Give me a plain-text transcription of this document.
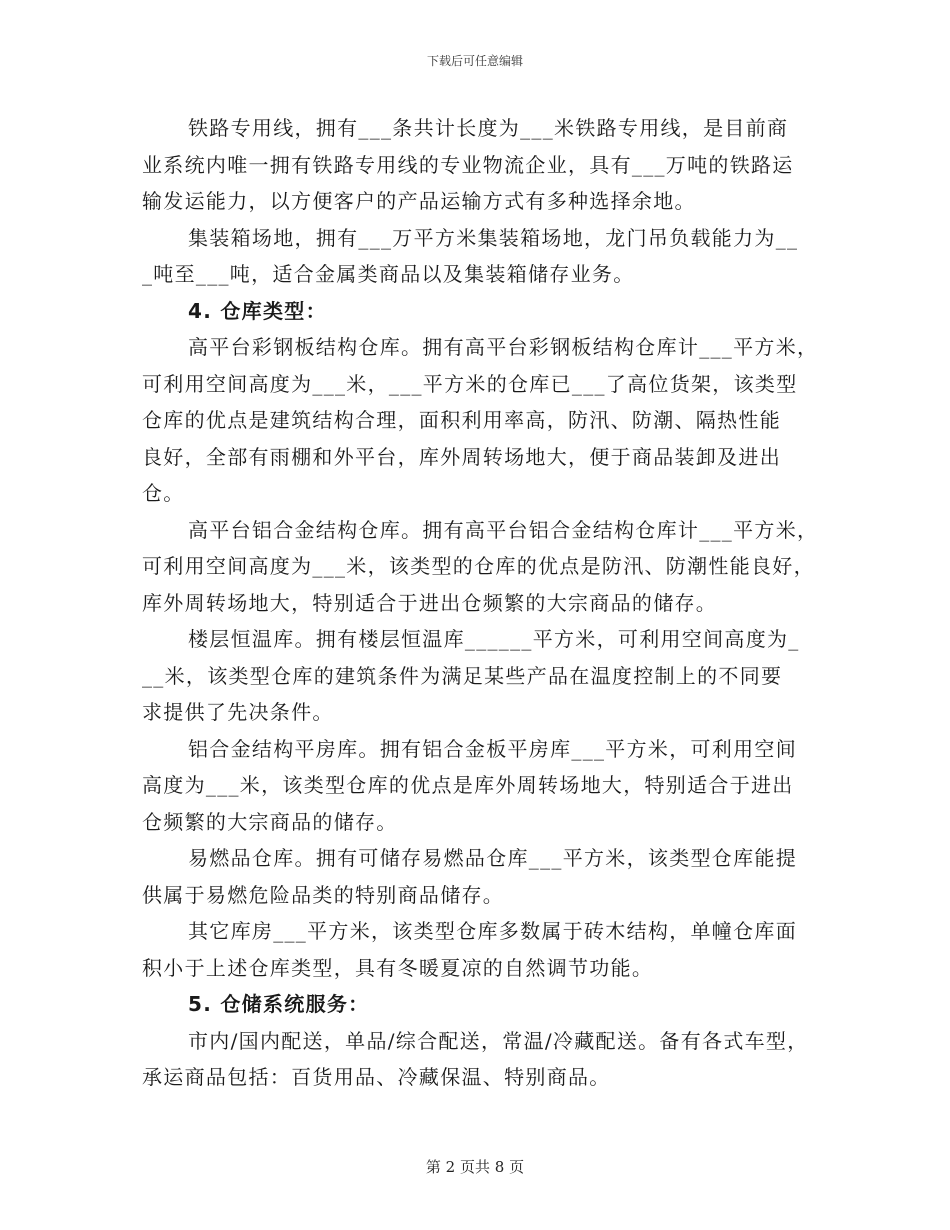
下载后可任意编辑
铁路专用线，拥有___条共计长度为___米铁路专用线，是目前商
业系统内唯一拥有铁路专用线的专业物流企业，具有___万吨的铁路运
输发运能力，以方便客户的产品运输方式有多种选择余地。
集装箱场地，拥有___万平方米集装箱场地，龙门吊负载能力为__
_吨至___吨，适合金属类商品以及集装箱储存业务。
4. 仓库类型：
高平台彩钢板结构仓库。拥有高平台彩钢板结构仓库计___平方米，
可利用空间高度为___米，___平方米的仓库已___了高位货架，该类型
仓库的优点是建筑结构合理，面积利用率高，防汛、防潮、隔热性能
良好，全部有雨棚和外平台，库外周转场地大，便于商品装卸及进出
仓。
高平台铝合金结构仓库。拥有高平台铝合金结构仓库计___平方米，
可利用空间高度为___米，该类型的仓库的优点是防汛、防潮性能良好，
库外周转场地大，特别适合于进出仓频繁的大宗商品的储存。
楼层恒温库。拥有楼层恒温库______平方米，可利用空间高度为_
__米，该类型仓库的建筑条件为满足某些产品在温度控制上的不同要
求提供了先决条件。
铝合金结构平房库。拥有铝合金板平房库___平方米，可利用空间
高度为___米，该类型仓库的优点是库外周转场地大，特别适合于进出
仓频繁的大宗商品的储存。
易燃品仓库。拥有可储存易燃品仓库___平方米，该类型仓库能提
供属于易燃危险品类的特别商品储存。
其它库房___平方米，该类型仓库多数属于砖木结构，单幢仓库面
积小于上述仓库类型，具有冬暖夏凉的自然调节功能。
5. 仓储系统服务：
市内/国内配送，单品/综合配送，常温/冷藏配送。备有各式车型，
承运商品包括：百货用品、冷藏保温、特别商品。
第 2 页共 8 页
